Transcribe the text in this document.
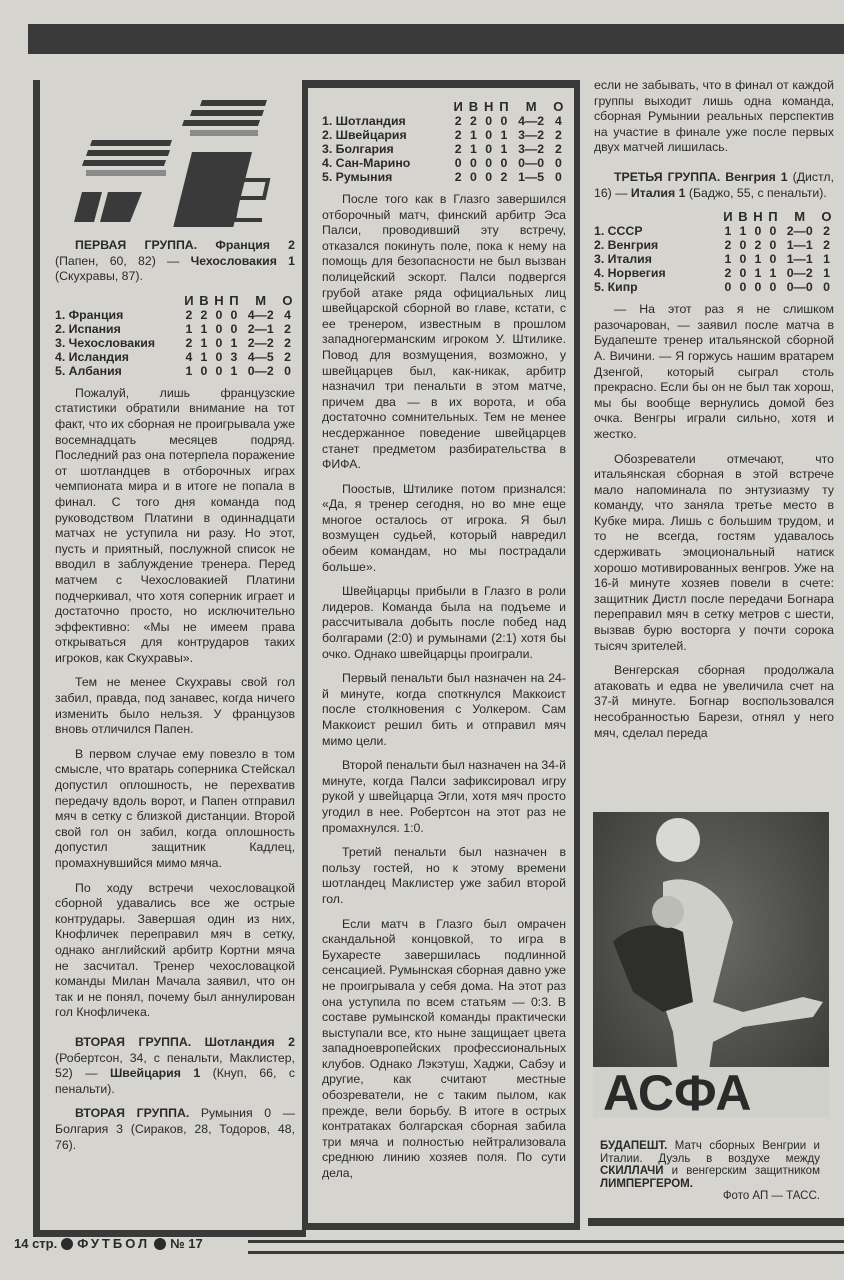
EURO 92

ПЕРВАЯ ГРУППА. Франция 2 (Папен, 60, 82) — Чехословакия 1 (Скухравы, 87).

	И	В	Н	П	М	О
1. Франция	2	2	0	0	4—2	4
2. Испания	1	1	0	0	2—1	2
3. Чехословакия	2	1	0	1	2—2	2
4. Исландия	4	1	0	3	4—5	2
5. Албания	1	0	0	1	0—2	0

Пожалуй, лишь французские статистики обратили внимание на тот факт, что их сборная не проигрывала уже восемнадцать месяцев подряд. Последний раз она потерпела поражение от шотландцев в отборочных играх чемпионата мира и в итоге не попала в финал. С того дня команда под руководством Платини в одиннадцати матчах не уступила ни разу. Но этот, пусть и приятный, послужной список не вводил в заблуждение тренера. Перед матчем с Чехословакией Платини подчеркивал, что хотя соперник играет и достаточно просто, но исключительно эффективно: «Мы не имеем права открываться для контрударов таких игроков, как Скухравы».

Тем не менее Скухравы свой гол забил, правда, под занавес, когда ничего изменить было нельзя. У французов вновь отличился Папен.

В первом случае ему повезло в том смысле, что вратарь соперника Стейскал допустил оплошность, не перехватив передачу вдоль ворот, и Папен отправил мяч в сетку с близкой дистанции. Второй свой гол он забил, когда оплошность допустил защитник Кадлец, промахнувшийся мимо мяча.

По ходу встречи чехословацкой сборной удавались все же острые контрудары. Завершая один из них, Кнофличек переправил мяч в сетку, однако английский арбитр Кортни мяча не засчитал. Тренер чехословацкой команды Милан Мачала заявил, что он так и не понял, почему был аннулирован гол Кнофличека.

ВТОРАЯ ГРУППА. Шотландия 2 (Робертсон, 34, с пенальти, Маклистер, 52) — Швейцария 1 (Кнуп, 66, с пенальти).

ВТОРАЯ ГРУППА. Румыния 0 — Болгария 3 (Сираков, 28, Тодоров, 48, 76).

	И	В	Н	П	М	О
1. Шотландия	2	2	0	0	4—2	4
2. Швейцария	2	1	0	1	3—2	2
3. Болгария	2	1	0	1	3—2	2
4. Сан-Марино	0	0	0	0	0—0	0
5. Румыния	2	0	0	2	1—5	0

После того как в Глазго завершился отборочный матч, финский арбитр Эса Палси, проводивший эту встречу, отказался покинуть поле, пока к нему на помощь для безопасности не был вызван полицейский эскорт. Палси подвергся грубой атаке ряда официальных лиц швейцарской сборной во главе, кстати, с ее тренером, известным в прошлом западногерманским игроком У. Штилике. Повод для возмущения, возможно, у швейцарцев был, как-никак, арбитр назначил три пенальти в этом матче, причем два — в их ворота, и оба достаточно сомнительных. Тем не менее несдержанное поведение швейцарцев станет предметом разбирательства в ФИФА.

Поостыв, Штилике потом признался: «Да, я тренер сегодня, но во мне еще многое осталось от игрока. Я был возмущен судьей, который навредил обеим командам, но мы пострадали больше».

Швейцарцы прибыли в Глазго в роли лидеров. Команда была на подъеме и рассчитывала добыть после побед над болгарами (2:0) и румынами (2:1) хотя бы очко. Однако швейцарцы проиграли.

Первый пенальти был назначен на 24-й минуте, когда споткнулся Маккоист после столкновения с Уолкером. Сам Маккоист решил бить и отправил мяч мимо цели.

Второй пенальти был назначен на 34-й минуте, когда Палси зафиксировал игру рукой у швейцарца Эгли, хотя мяч просто угодил в нее. Робертсон на этот раз не промахнулся. 1:0.

Третий пенальти был назначен в пользу гостей, но к этому времени шотландец Маклистер уже забил второй гол.

Если матч в Глазго был омрачен скандальной концовкой, то игра в Бухаресте завершилась подлинной сенсацией. Румынская сборная давно уже не проигрывала у себя дома. На этот раз она уступила по всем статьям — 0:3. В составе румынской команды практически выступали все, кто ныне защищает цвета западноевропейских профессиональных клубов. Однако Лэкэтуш, Хаджи, Сабэу и другие, как считают местные обозреватели, не с таким пылом, как прежде, вели борьбу. В итоге в острых контратаках болгарская сборная забила три мяча и полностью нейтрализовала среднюю линию хозяев поля. По сути дела,

если не забывать, что в финал от каждой группы выходит лишь одна команда, сборная Румынии реальных перспектив на участие в финале уже после первых двух матчей лишилась.

ТРЕТЬЯ ГРУППА. Венгрия 1 (Дистл, 16) — Италия 1 (Баджо, 55, с пенальти).

	И	В	Н	П	М	О
1. СССР	1	1	0	0	2—0	2
2. Венгрия	2	0	2	0	1—1	2
3. Италия	1	0	1	0	1—1	1
4. Норвегия	2	0	1	1	0—2	1
5. Кипр	0	0	0	0	0—0	0

— На этот раз я не слишком разочарован, — заявил после матча в Будапеште тренер итальянской сборной А. Вичини. — Я горжусь нашим вратарем Дзенгой, который сыграл столь прекрасно. Если бы он не был так хорош, мы бы вообще вернулись домой без очка. Венгры играли сильно, хотя и жестко.

Обозреватели отмечают, что итальянская сборная в этой встрече мало напоминала по энтузиазму ту команду, что заняла третье место в Кубке мира. Лишь с большим трудом, и то не всегда, гостям удавалось сдерживать эмоциональный натиск хорошо мотивированных венгров. Уже на 16-й минуте хозяев повели в счете: защитник Дистл после передачи Богнара переправил мяч в сетку метров с шести, вызвав бурю восторга у почти сорока тысяч зрителей.

Венгерская сборная продолжала атаковать и едва не увеличила счет на 37-й минуте. Богнар воспользовался несобранностью Барези, отнял у него мяч, сделал переда

АСФА
БУДАПЕШТ. Матч сборных Венгрии и Италии. Дуэль в воздухе между СКИЛЛАЧИ и венгерским защитником ЛИМПЕРГЕРОМ.
Фото АП — ТАСС.
14 стр. ФУТБОЛ № 17
